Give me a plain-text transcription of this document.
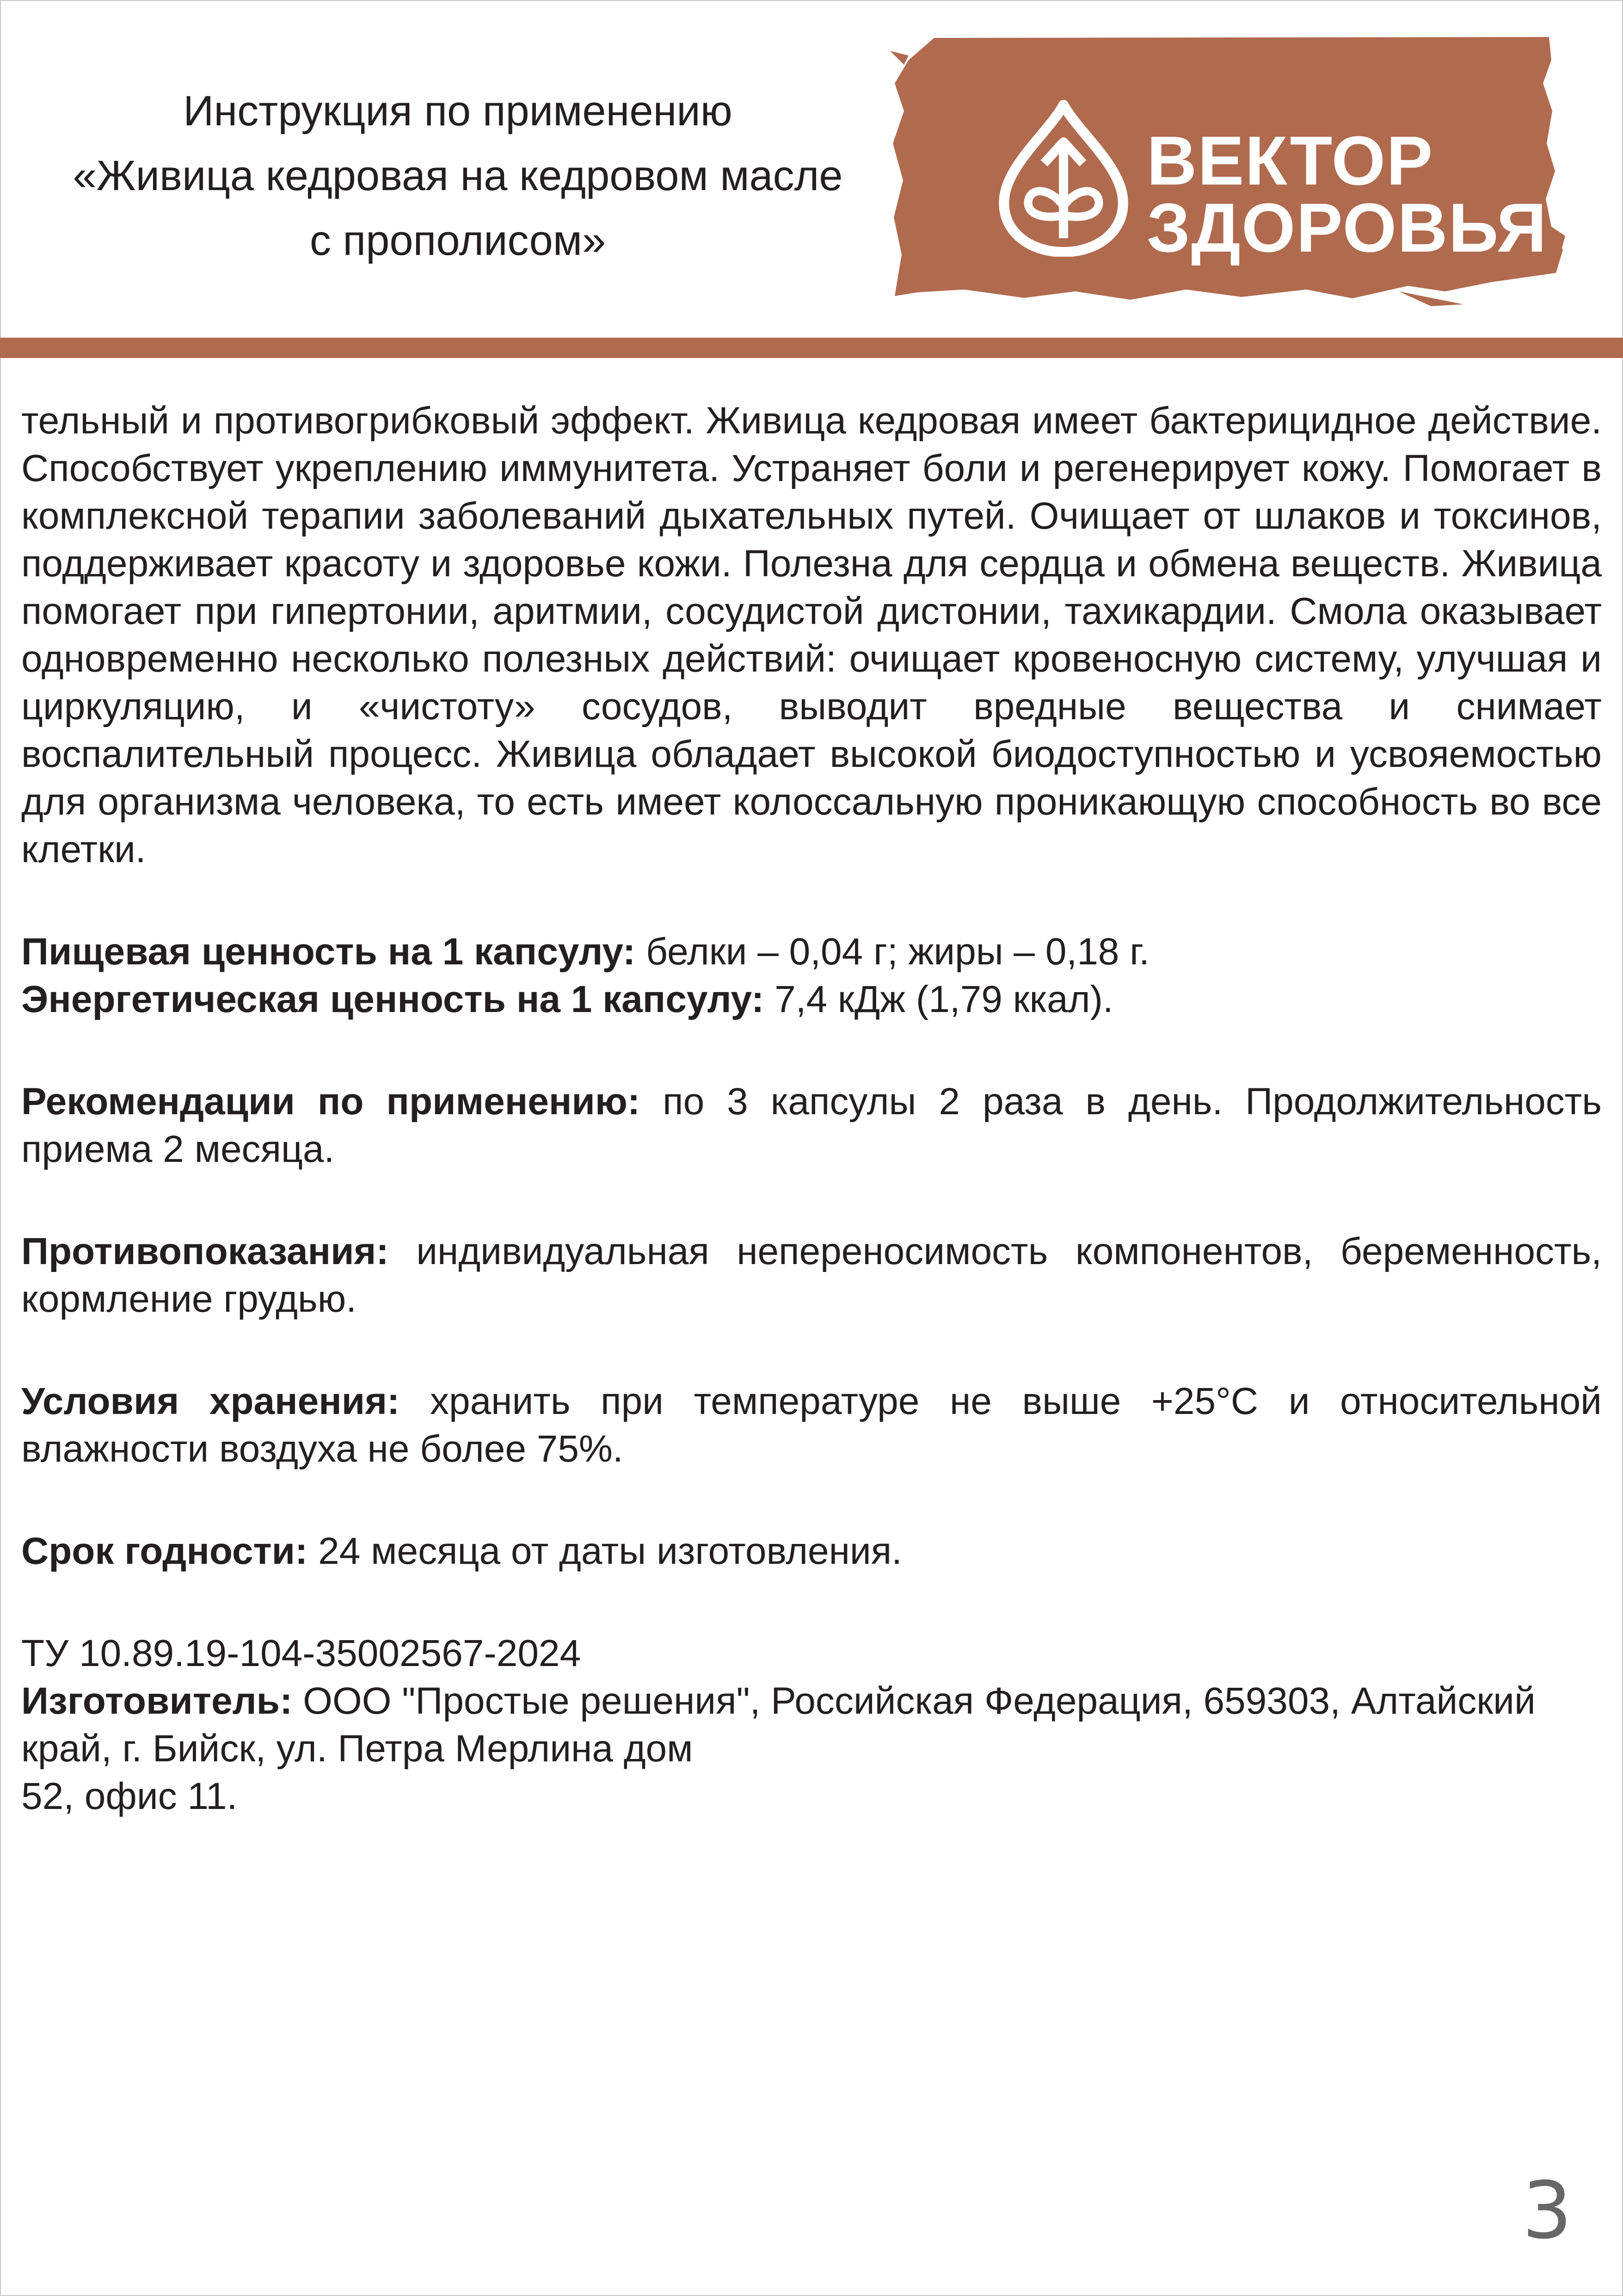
Инструкция по применению
«Живица кедровая на кедровом масле
с прополисом»
ВЕКТОР
ЗДОРОВЬЯ

тельный и противогрибковый эффект. Живица кедровая имеет бактерицидное действие. Способствует укреплению иммунитета. Устраняет боли и регенерирует кожу. Помогает в комплексной терапии заболеваний дыхательных путей. Очищает от шлаков и токсинов, поддерживает красоту и здоровье кожи. Полезна для сердца и обмена веществ. Живица помогает при гипертонии, аритмии, сосудистой дистонии, тахикардии. Смола оказывает одновременно несколько полезных действий: очищает кровеносную систему, улучшая и циркуляцию, и «чистоту» сосудов, выводит вредные вещества и снимает воспалительный процесс. Живица обладает высокой биодоступностью и усвояемостью для организма человека, то есть имеет колоссальную проникающую способность во все клетки.

Пищевая ценность на 1 капсулу: белки – 0,04 г; жиры – 0,18 г.

Энергетическая ценность на 1 капсулу: 7,4 кДж (1,79 ккал).

Рекомендации по применению: по 3 капсулы 2 раза в день. Продолжительность приема 2 месяца.

Противопоказания: индивидуальная непереносимость компонентов, беременность, кормление грудью.

Условия хранения: хранить при температуре не выше +25°С и относительной влажности воздуха не более 75%.

Срок годности: 24 месяца от даты изготовления.

ТУ 10.89.19-104-35002567-2024

Изготовитель: ООО "Простые решения", Российская Федерация, 659303, Алтайский край, г. Бийск, ул. Петра Мерлина дом

52, офис 11.

3
